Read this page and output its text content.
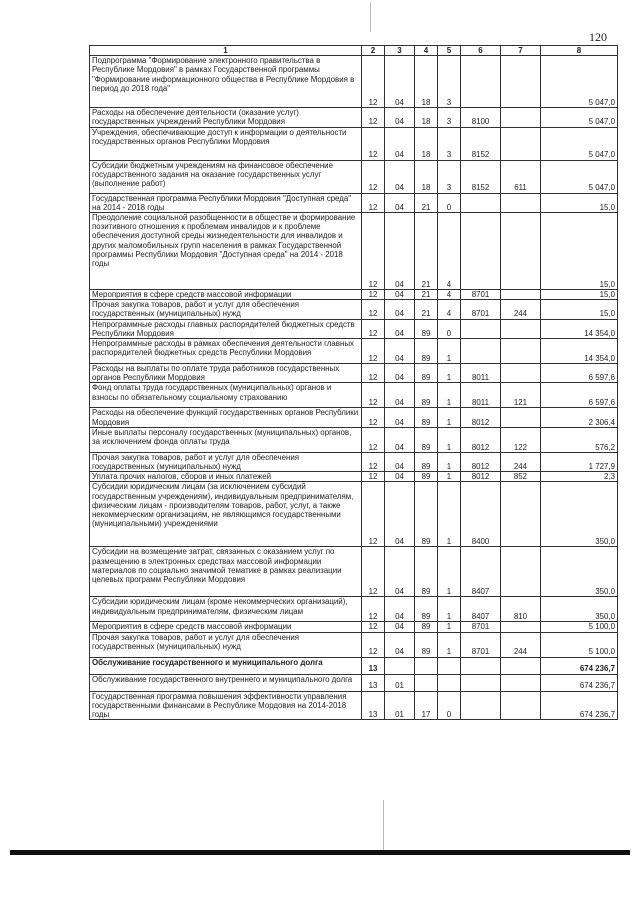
120
1	2	3	4	5	6	7	8
Подпрограмма "Формирование электронного правительства в Республике Мордовия" в рамках Государственной программы "Формирование информационного общества в Республике Мордовия в период до 2018 года"	12	04	18	3			5 047,0
Расходы на обеспечение деятельности (оказание услуг) государственных учреждений Республики Мордовия	12	04	18	3	8100		5 047,0
Учреждения, обеспечивающие доступ к информации о деятельности государственных органов Республики Мордовия	12	04	18	3	8152		5 047,0
Субсидии бюджетным учреждениям на финансовое обеспечение государственного задания на оказание государственных услуг (выполнение работ)	12	04	18	3	8152	611	5 047,0
Государственная программа Республики Мордовия "Доступная среда" на 2014 - 2018 годы	12	04	21	0			15,0
Преодоление социальной разобщенности в обществе и формирование позитивного отношения к проблемам инвалидов и к проблеме обеспечения доступной среды жизнедеятельности для инвалидов и других маломобильных групп населения в рамках Государственной программы Республики Мордовия "Доступная среда" на 2014 - 2018 годы	12	04	21	4			15,0
Мероприятия в сфере средств массовой информации	12	04	21	4	8701		15,0
Прочая закупка товаров, работ и услуг для обеспечения государственных (муниципальных) нужд	12	04	21	4	8701	244	15,0
Непрограммные расходы главных распорядителей бюджетных средств Республики Мордовия	12	04	89	0			14 354,0
Непрограммные расходы в рамках обеспечения деятельности главных распорядителей бюджетных средств Республики Мордовия	12	04	89	1			14 354,0
Расходы на выплаты по оплате труда работников государственных органов Республики Мордовия	12	04	89	1	8011		6 597,6
Фонд оплаты труда государственных (муниципальных) органов и взносы по обязательному социальному страхованию	12	04	89	1	8011	121	6 597,6
Расходы на обеспечение функций государственных органов Республики Мордовия	12	04	89	1	8012		2 306,4
Иные выплаты персоналу государственных (муниципальных) органов, за исключением фонда оплаты труда	12	04	89	1	8012	122	576,2
Прочая закупка товаров, работ и услуг для обеспечения государственных (муниципальных) нужд	12	04	89	1	8012	244	1 727,9
Уплата прочих налогов, сборов и иных платежей	12	04	89	1	8012	852	2,3
Субсидии юридическим лицам (за исключением субсидий государственным учреждениям), индивидуальным предпринимателям, физическим лицам - производителям товаров, работ, услуг, а также некоммерческим организациям, не являющимся государственными (муниципальными) учреждениями	12	04	89	1	8400		350,0
Субсидии на возмещение затрат, связанных с оказанием услуг по размещению в электронных средствах массовой информации материалов по социально значимой тематике в рамках реализации целевых программ Республики Мордовия	12	04	89	1	8407		350,0
Субсидии юридическим лицам (кроме некоммерческих организаций), индивидуальным предпринимателям, физическим лицам	12	04	89	1	8407	810	350,0
Мероприятия в сфере средств массовой информации	12	04	89	1	8701		5 100,0
Прочая закупка товаров, работ и услуг для обеспечения государственных (муниципальных) нужд	12	04	89	1	8701	244	5 100,0
Обслуживание государственного и муниципального долга	13						674 236,7
Обслуживание государственного внутреннего и муниципального долга	13	01					674 236,7
Государственная программа повышения эффективности управления государственными финансами в Республике Мордовия на 2014-2018 годы	13	01	17	0			674 236,7
